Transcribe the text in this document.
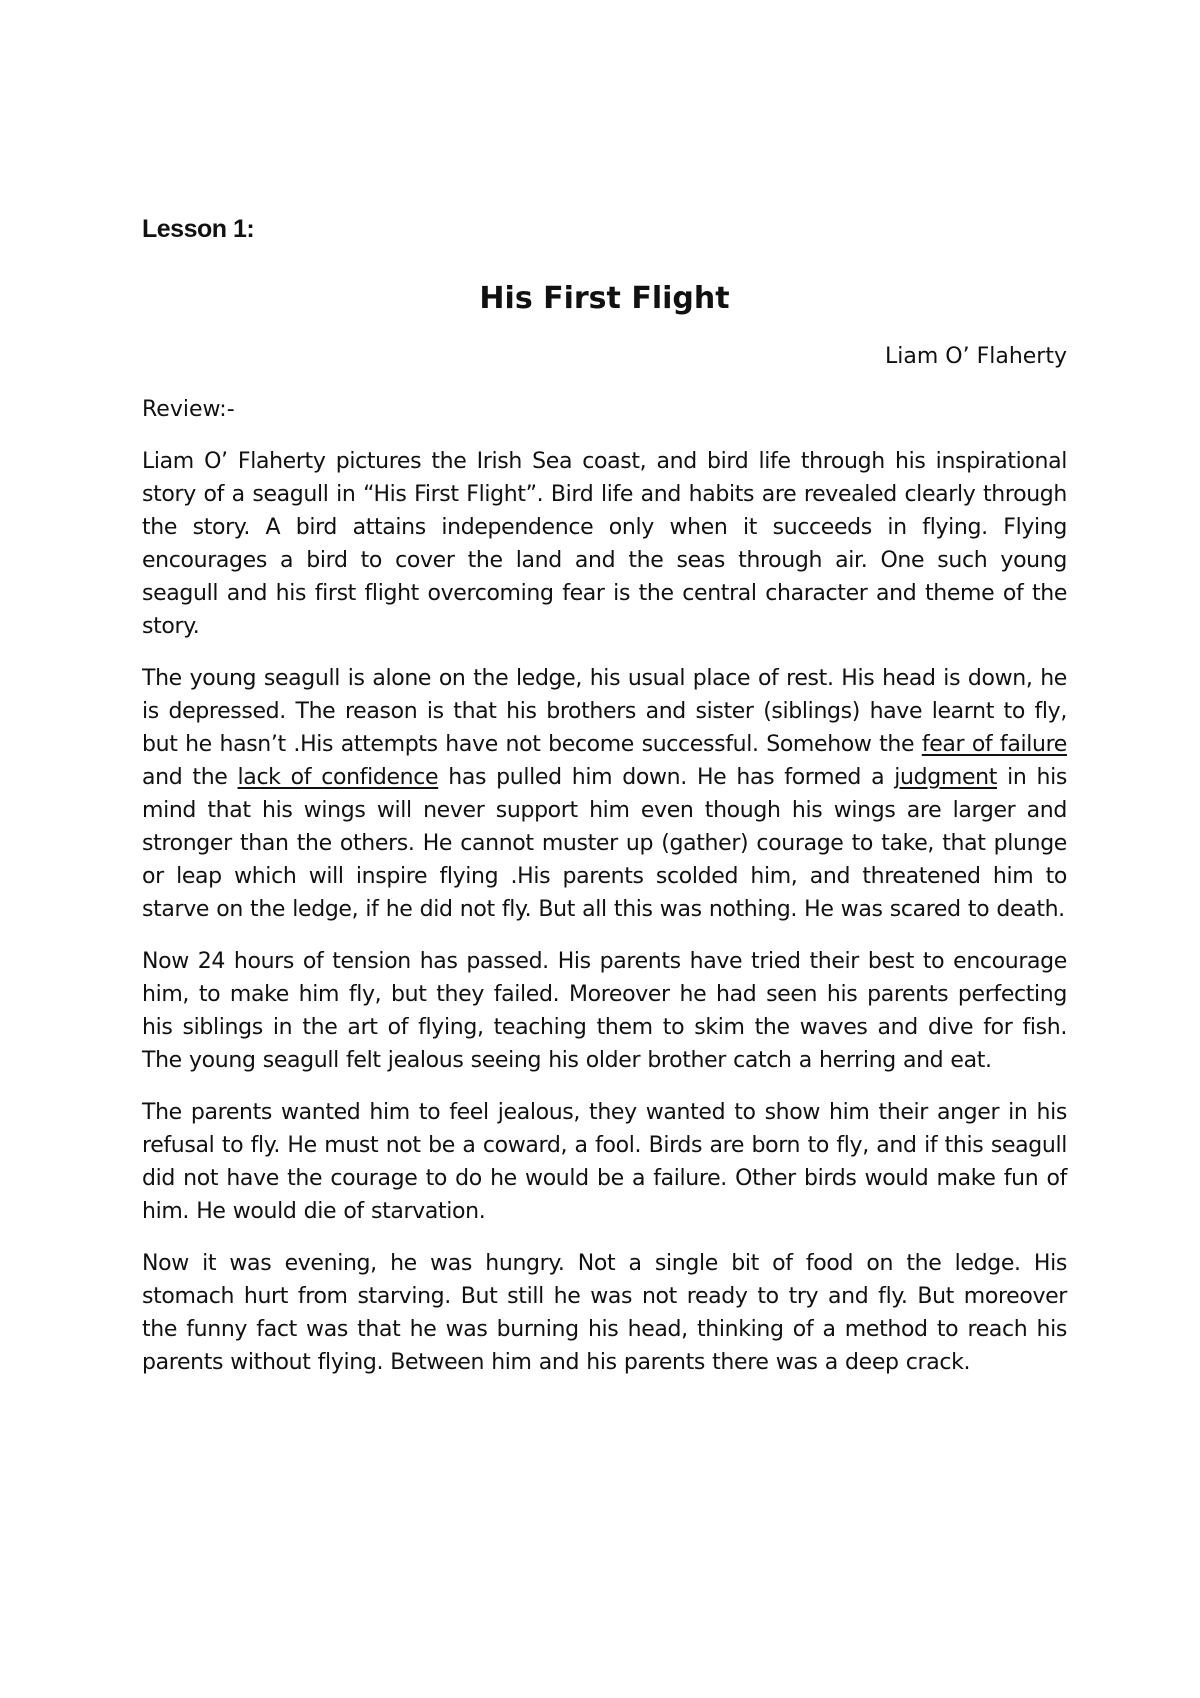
Lesson 1:

His First Flight

Liam O’ Flaherty

Review:-

Liam O’ Flaherty pictures the Irish Sea coast, and bird life through his inspirational story of a seagull in “His First Flight”. Bird life and habits are revealed clearly through the story. A bird attains independence only when it succeeds in flying. Flying encourages a bird to cover the land and the seas through air. One such young seagull and his first flight overcoming fear is the central character and theme of the story.

The young seagull is alone on the ledge, his usual place of rest. His head is down, he is depressed. The reason is that his brothers and sister (siblings) have learnt to fly, but he hasn’t .His attempts have not become successful. Somehow the fear of failure and the lack of confidence has pulled him down. He has formed a judgment in his mind that his wings will never support him even though his wings are larger and stronger than the others. He cannot muster up (gather) courage to take, that plunge or leap which will inspire flying .His parents scolded him, and threatened him to starve on the ledge, if he did not fly. But all this was nothing. He was scared to death.

Now 24 hours of tension has passed. His parents have tried their best to encourage him, to make him fly, but they failed. Moreover he had seen his parents perfecting his siblings in the art of flying, teaching them to skim the waves and dive for fish. The young seagull felt jealous seeing his older brother catch a herring and eat.

The parents wanted him to feel jealous, they wanted to show him their anger in his refusal to fly. He must not be a coward, a fool. Birds are born to fly, and if this seagull did not have the courage to do he would be a failure. Other birds would make fun of him. He would die of starvation.

Now it was evening, he was hungry. Not a single bit of food on the ledge. His stomach hurt from starving. But still he was not ready to try and fly. But moreover the funny fact was that he was burning his head, thinking of a method to reach his parents without flying. Between him and his parents there was a deep crack.
